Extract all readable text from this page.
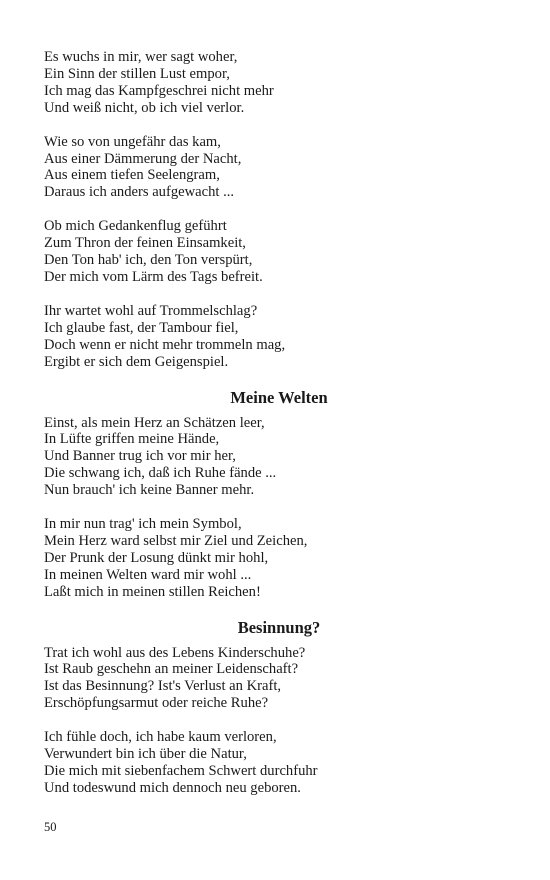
Es wuchs in mir, wer sagt woher,
Ein Sinn der stillen Lust empor,
Ich mag das Kampfgeschrei nicht mehr
Und weiß nicht, ob ich viel verlor.
Wie so von ungefähr das kam,
Aus einer Dämmerung der Nacht,
Aus einem tiefen Seelengram,
Daraus ich anders aufgewacht ...
Ob mich Gedankenflug geführt
Zum Thron der feinen Einsamkeit,
Den Ton hab' ich, den Ton verspürt,
Der mich vom Lärm des Tags befreit.
Ihr wartet wohl auf Trommelschlag?
Ich glaube fast, der Tambour fiel,
Doch wenn er nicht mehr trommeln mag,
Ergibt er sich dem Geigenspiel.
Meine Welten
Einst, als mein Herz an Schätzen leer,
In Lüfte griffen meine Hände,
Und Banner trug ich vor mir her,
Die schwang ich, daß ich Ruhe fände ...
Nun brauch' ich keine Banner mehr.
In mir nun trag' ich mein Symbol,
Mein Herz ward selbst mir Ziel und Zeichen,
Der Prunk der Losung dünkt mir hohl,
In meinen Welten ward mir wohl ...
Laßt mich in meinen stillen Reichen!
Besinnung?
Trat ich wohl aus des Lebens Kinderschuhe?
Ist Raub geschehn an meiner Leidenschaft?
Ist das Besinnung? Ist's Verlust an Kraft,
Erschöpfungsarmut oder reiche Ruhe?
Ich fühle doch, ich habe kaum verloren,
Verwundert bin ich über die Natur,
Die mich mit siebenfachem Schwert durchfuhr
Und todeswund mich dennoch neu geboren.
50
